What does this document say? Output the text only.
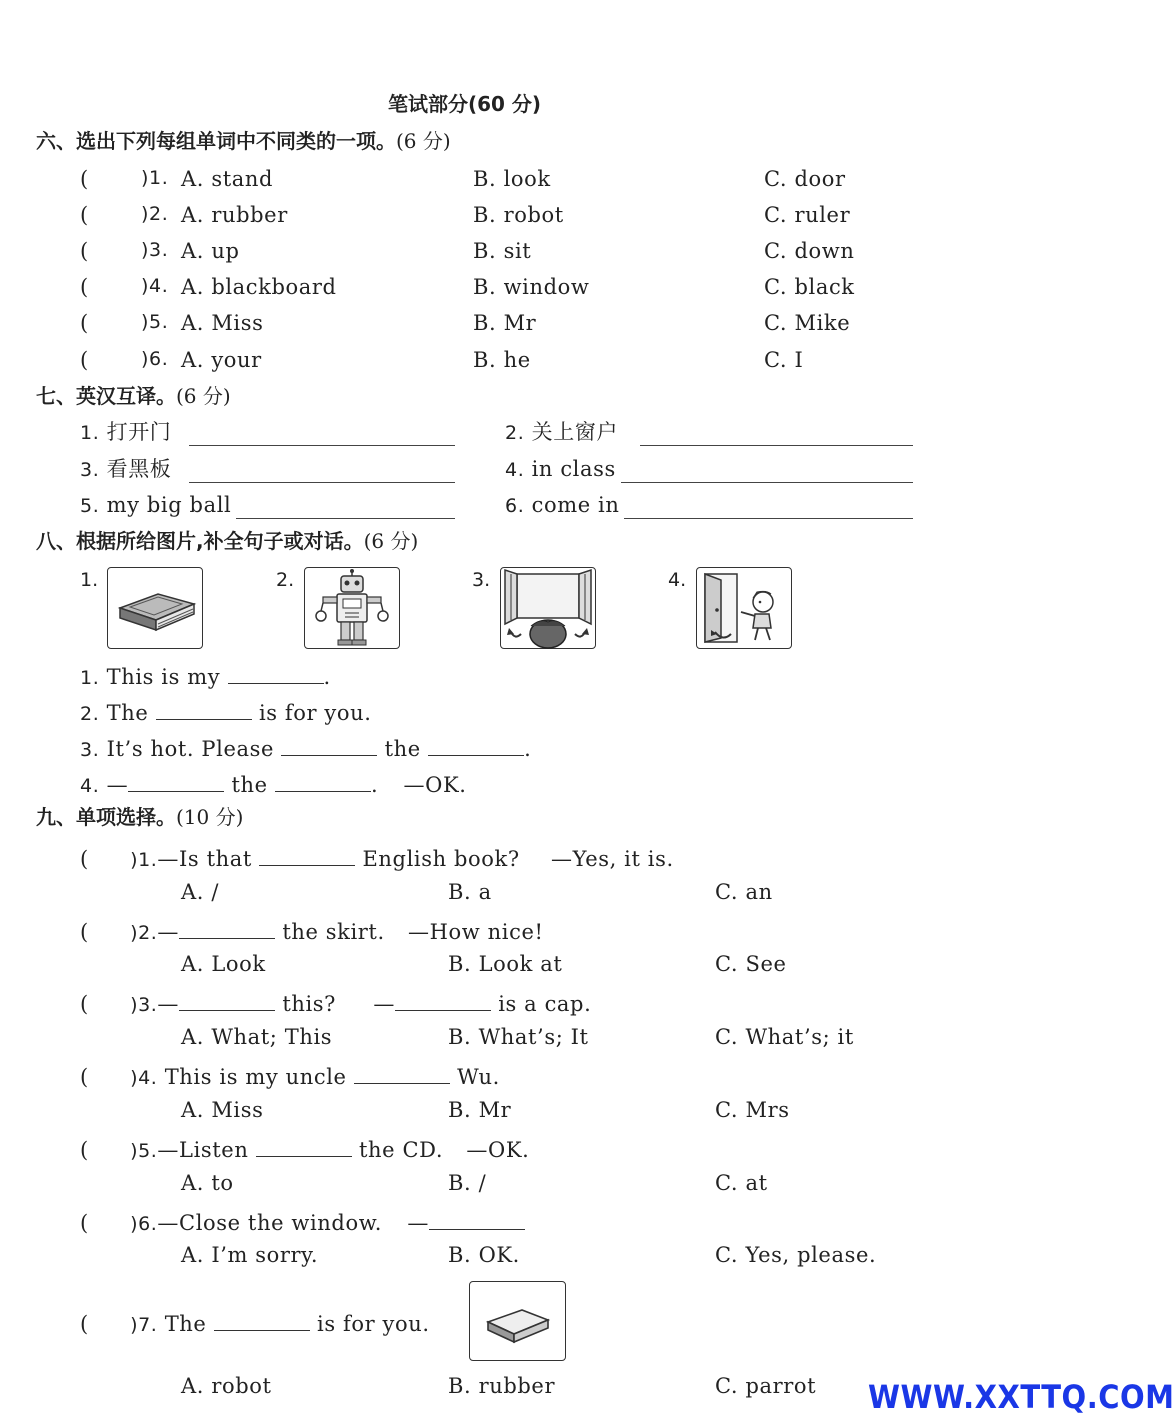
笔试部分(60 分)
六、选出下列每组单词中不同类的一项。(6 分)
(	)1. A. stand	B. look	C. door
(	)2. A. rubber	B. robot	C. ruler
(	)3. A. up	B. sit	C. down
(	)4. A. blackboard	B. window	C. black
(	)5. A. Miss	B. Mr	C. Mike
(	)6. A. your	B. he	C. I
七、英汉互译。(6 分)
1. 打开门	2. 关上窗户
3. 看黑板	4. in class
5. my big ball	6. come in
八、根据所给图片,补全句子或对话。(6 分)
1.	2.	3.	4.
1. This is my	.
2. The	is for you.
3. It’s hot. Please	the	.
4. —	the	. —OK.
九、单项选择。(10 分)
( )1.—Is that	English book? —Yes, it is.
A. /	B. a	C. an
( )2.—	the skirt. —How nice!
A. Look	B. Look at	C. See
( )3.—	this? —	is a cap.
A. What; This	B. What’s; It	C. What’s; it
( )4. This is my uncle	Wu.
A. Miss	B. Mr	C. Mrs
( )5.—Listen	the CD. —OK.
A. to	B. /	C. at
( )6.—Close the window. —
A. I’m sorry.	B. OK.	C. Yes, please.
( )7. The	is for you.
A. robot	B. rubber	C. parrot WWW.XXTTQ.COM
